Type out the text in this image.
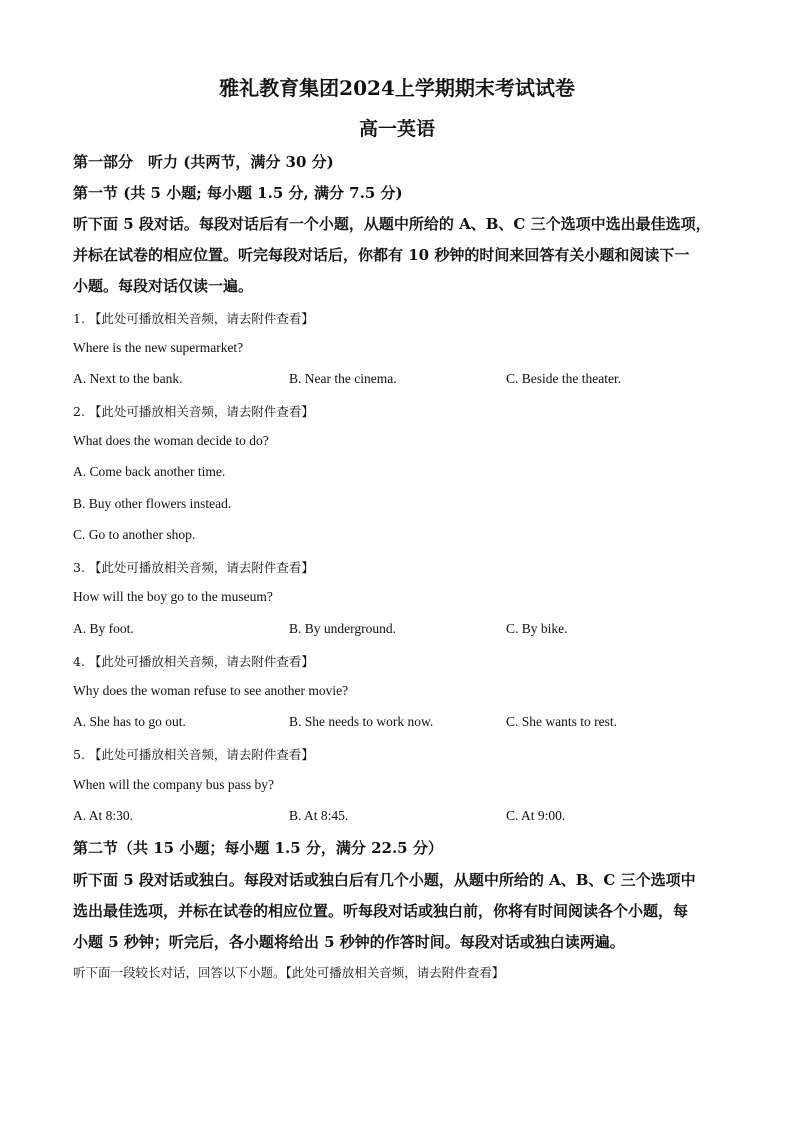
雅礼教育集团2024上学期期末考试试卷
高一英语
第一部分　听力 (共两节，满分 30 分)
第一节 (共 5 小题; 每小题 1.5 分, 满分 7.5 分)
听下面 5 段对话。每段对话后有一个小题，从题中所给的 A、B、C 三个选项中选出最佳选项，
并标在试卷的相应位置。听完每段对话后，你都有 10 秒钟的时间来回答有关小题和阅读下一
小题。每段对话仅读一遍。
1. 【此处可播放相关音频，请去附件查看】
Where is the new supermarket?
A. Next to the bank.	B. Near the cinema.	C. Beside the theater.
2. 【此处可播放相关音频，请去附件查看】
What does the woman decide to do?
A. Come back another time.
B. Buy other flowers instead.
C. Go to another shop.
3. 【此处可播放相关音频，请去附件查看】
How will the boy go to the museum?
A. By foot.	B. By underground.	C. By bike.
4. 【此处可播放相关音频，请去附件查看】
Why does the woman refuse to see another movie?
A. She has to go out.	B. She needs to work now.	C. She wants to rest.
5. 【此处可播放相关音频，请去附件查看】
When will the company bus pass by?
A. At 8:30.	B. At 8:45.	C. At 9:00.
第二节（共 15 小题；每小题 1.5 分，满分 22.5 分）
听下面 5 段对话或独白。每段对话或独白后有几个小题，从题中所给的 A、B、C 三个选项中
选出最佳选项，并标在试卷的相应位置。听每段对话或独白前，你将有时间阅读各个小题，每
小题 5 秒钟；听完后，各小题将给出 5 秒钟的作答时间。每段对话或独白读两遍。
听下面一段较长对话，回答以下小题。【此处可播放相关音频，请去附件查看】
